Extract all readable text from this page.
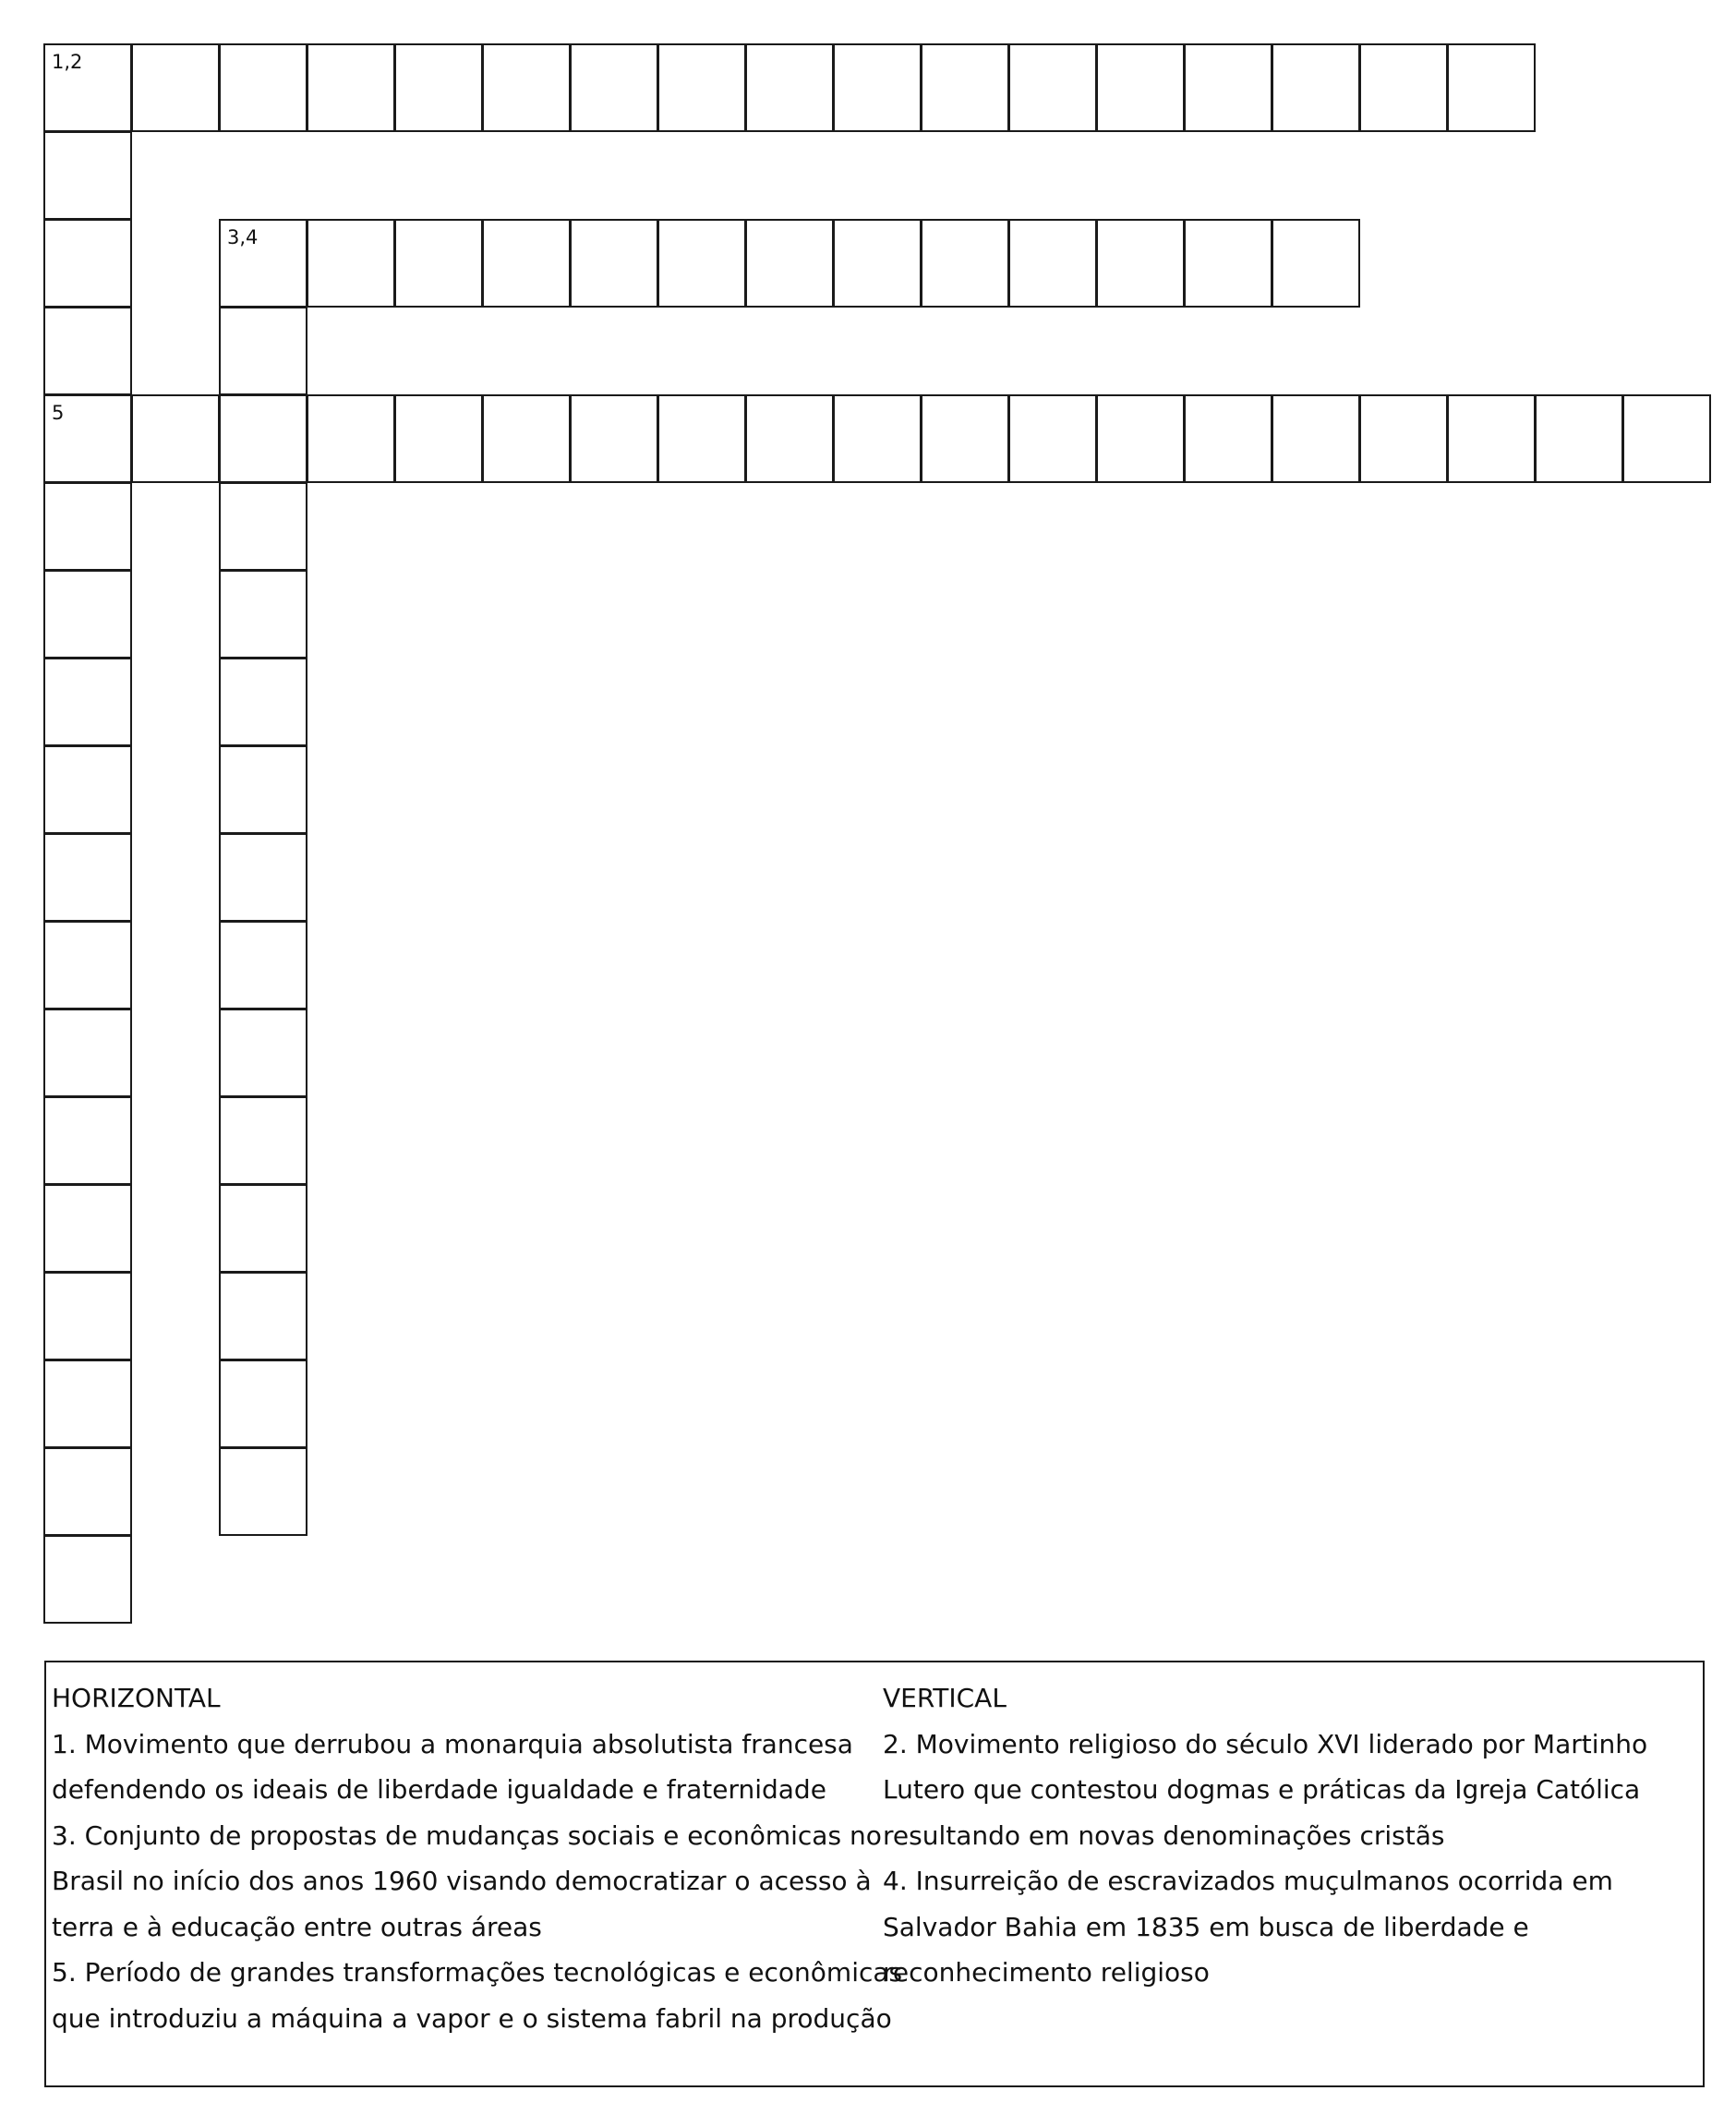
1,2
5
3,4
HORIZONTAL
1. Movimento que derrubou a monarquia absolutista francesa
defendendo os ideais de liberdade igualdade e fraternidade
3. Conjunto de propostas de mudanças sociais e econômicas no
Brasil no início dos anos 1960 visando democratizar o acesso à
terra e à educação entre outras áreas
5. Período de grandes transformações tecnológicas e econômicas
que introduziu a máquina a vapor e o sistema fabril na produção
VERTICAL
2. Movimento religioso do século XVI liderado por Martinho
Lutero que contestou dogmas e práticas da Igreja Católica
resultando em novas denominações cristãs
4. Insurreição de escravizados muçulmanos ocorrida em
Salvador Bahia em 1835 em busca de liberdade e
reconhecimento religioso
